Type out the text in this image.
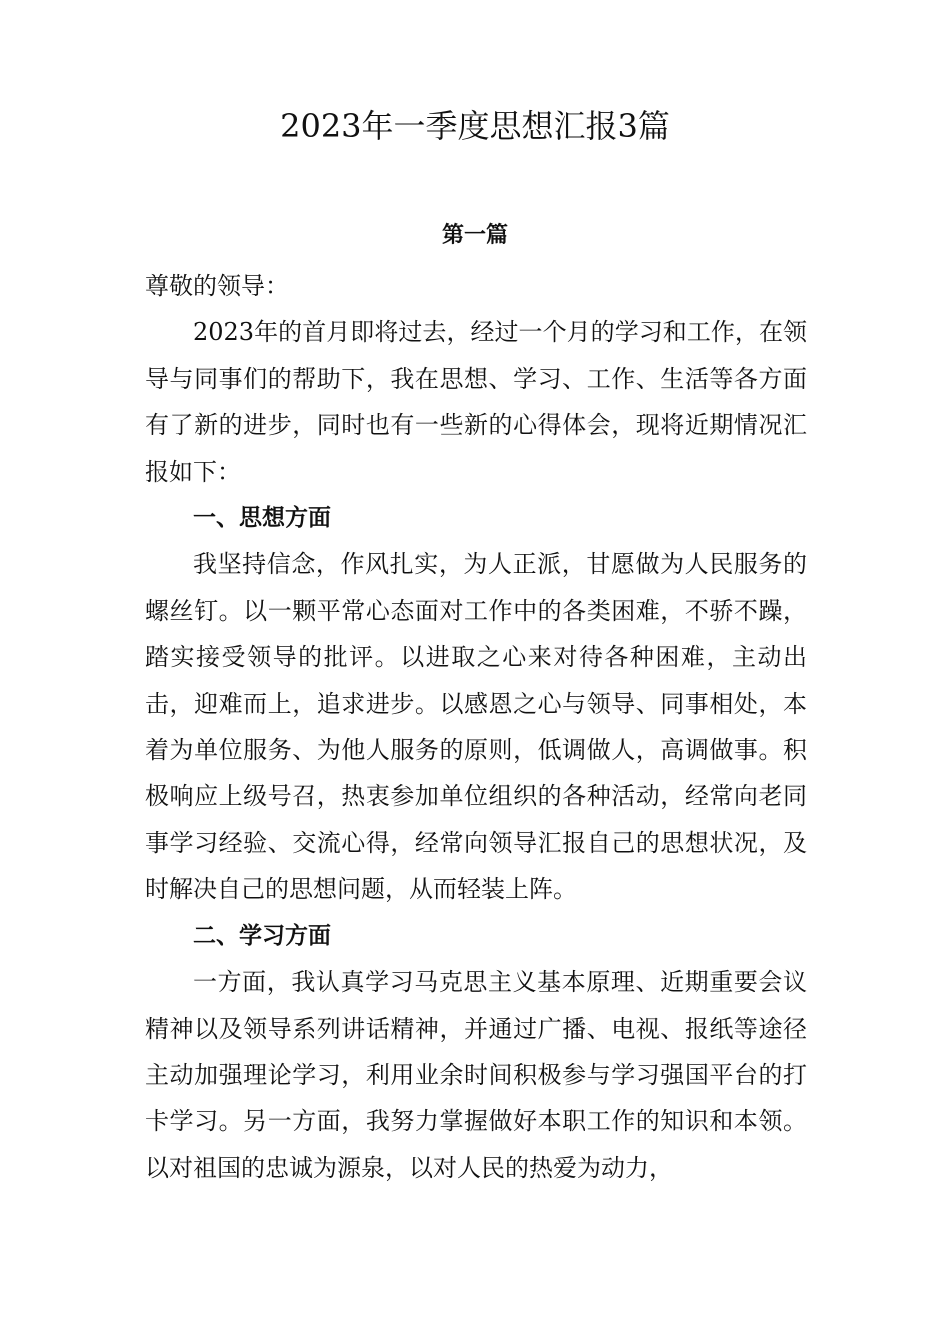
2023年一季度思想汇报3篇
第一篇

尊敬的领导：

2023年的首月即将过去，经过一个月的学习和工作，在领导与同事们的帮助下，我在思想、学习、工作、生活等各方面有了新的进步，同时也有一些新的心得体会，现将近期情况汇报如下：

一、思想方面

我坚持信念，作风扎实，为人正派，甘愿做为人民服务的螺丝钉。以一颗平常心态面对工作中的各类困难，不骄不躁，踏实接受领导的批评。以进取之心来对待各种困难，主动出击，迎难而上，追求进步。以感恩之心与领导、同事相处，本着为单位服务、为他人服务的原则，低调做人，高调做事。积极响应上级号召，热衷参加单位组织的各种活动，经常向老同事学习经验、交流心得，经常向领导汇报自己的思想状况，及时解决自己的思想问题，从而轻装上阵。

二、学习方面

一方面，我认真学习马克思主义基本原理、近期重要会议精神以及领导系列讲话精神，并通过广播、电视、报纸等途径主动加强理论学习，利用业余时间积极参与学习强国平台的打卡学习。另一方面，我努力掌握做好本职工作的知识和本领。以对祖国的忠诚为源泉，以对人民的热爱为动力，
